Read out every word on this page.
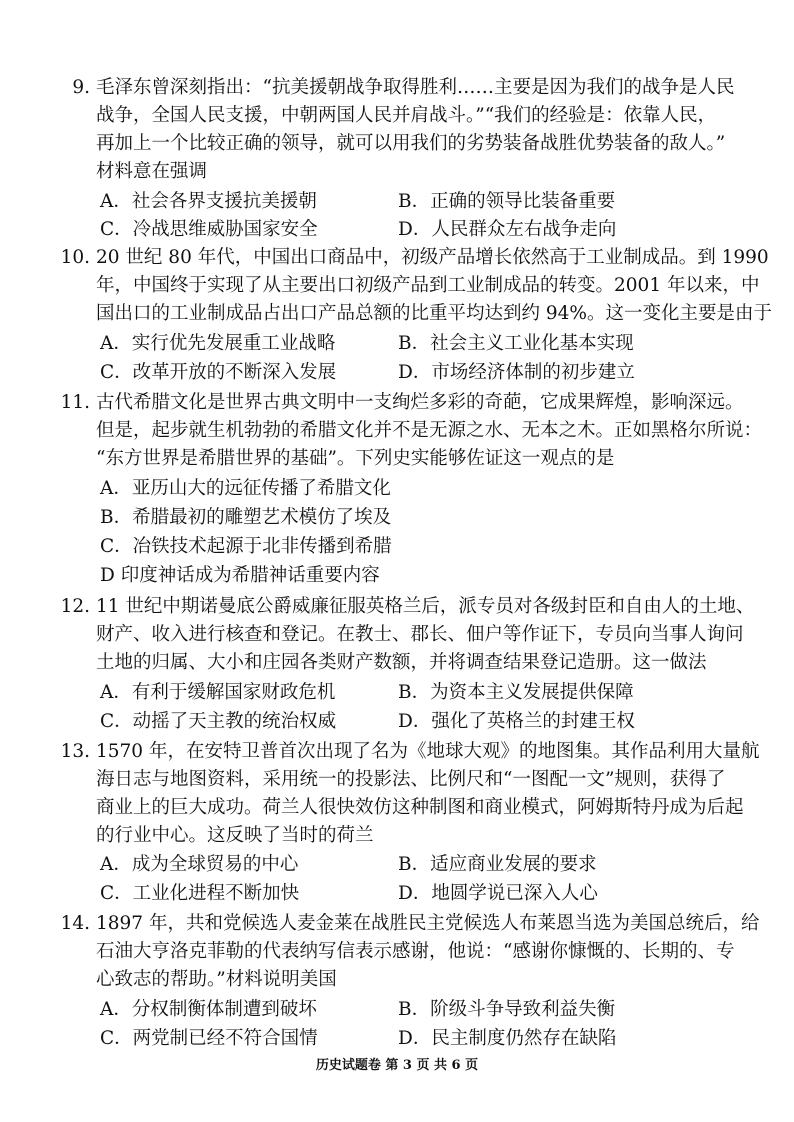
9. 毛泽东曾深刻指出：“抗美援朝战争取得胜利……主要是因为我们的战争是人民
战争，全国人民支援，中朝两国人民并肩战斗。”“我们的经验是：依靠人民，
再加上一个比较正确的领导，就可以用我们的劣势装备战胜优势装备的敌人。”
材料意在强调
A．社会各界支援抗美援朝	B．正确的领导比装备重要
C．冷战思维威胁国家安全	D．人民群众左右战争走向
10. 20 世纪 80 年代，中国出口商品中，初级产品增长依然高于工业制成品。到 1990
年，中国终于实现了从主要出口初级产品到工业制成品的转变。2001 年以来，中
国出口的工业制成品占出口产品总额的比重平均达到约 94%。这一变化主要是由于
A．实行优先发展重工业战略	B．社会主义工业化基本实现
C．改革开放的不断深入发展	D．市场经济体制的初步建立
11. 古代希腊文化是世界古典文明中一支绚烂多彩的奇葩，它成果辉煌，影响深远。
但是，起步就生机勃勃的希腊文化并不是无源之水、无本之木。正如黑格尔所说：
“东方世界是希腊世界的基础”。下列史实能够佐证这一观点的是
A．亚历山大的远征传播了希腊文化
B．希腊最初的雕塑艺术模仿了埃及
C．冶铁技术起源于北非传播到希腊
D 印度神话成为希腊神话重要内容
12. 11 世纪中期诺曼底公爵威廉征服英格兰后，派专员对各级封臣和自由人的土地、
财产、收入进行核查和登记。在教士、郡长、佃户等作证下，专员向当事人询问
土地的归属、大小和庄园各类财产数额，并将调查结果登记造册。这一做法
A．有利于缓解国家财政危机	B．为资本主义发展提供保障
C．动摇了天主教的统治权威	D．强化了英格兰的封建王权
13. 1570 年，在安特卫普首次出现了名为《地球大观》的地图集。其作品利用大量航
海日志与地图资料，采用统一的投影法、比例尺和“一图配一文”规则，获得了
商业上的巨大成功。荷兰人很快效仿这种制图和商业模式，阿姆斯特丹成为后起
的行业中心。这反映了当时的荷兰
A．成为全球贸易的中心	B．适应商业发展的要求
C．工业化进程不断加快	D．地圆学说已深入人心
14. 1897 年，共和党候选人麦金莱在战胜民主党候选人布莱恩当选为美国总统后，给
石油大亨洛克菲勒的代表纳写信表示感谢，他说：“感谢你慷慨的、长期的、专
心致志的帮助。”材料说明美国
A．分权制衡体制遭到破坏	B．阶级斗争导致利益失衡
C．两党制已经不符合国情	D．民主制度仍然存在缺陷
历史试题卷 第 3 页 共 6 页
